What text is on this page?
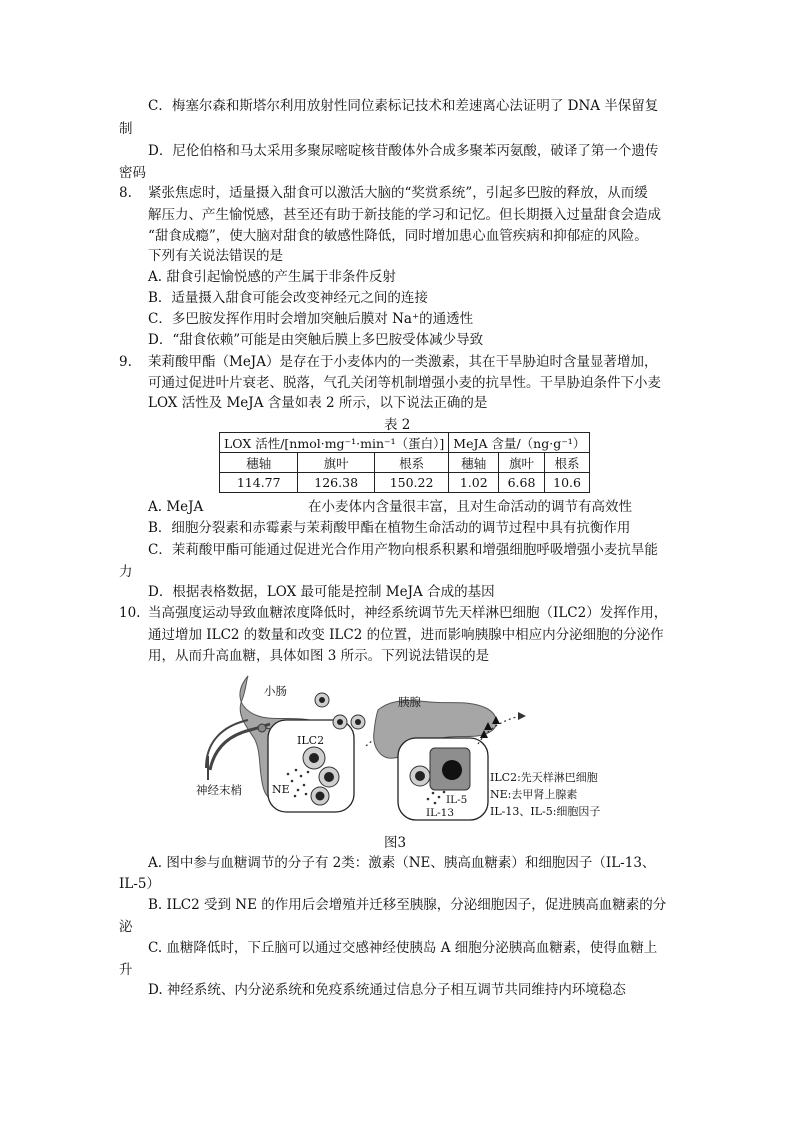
C．梅塞尔森和斯塔尔利用放射性同位素标记技术和差速离心法证明了 DNA 半保留复
制
D．尼伦伯格和马太采用多聚尿嘧啶核苷酸体外合成多聚苯丙氨酸，破译了第一个遗传
密码
8. 紧张焦虑时，适量摄入甜食可以激活大脑的“奖赏系统”，引起多巴胺的释放，从而缓
解压力、产生愉悦感，甚至还有助于新技能的学习和记忆。但长期摄入过量甜食会造成
“甜食成瘾”，使大脑对甜食的敏感性降低，同时增加患心血管疾病和抑郁症的风险。
下列有关说法错误的是
A. 甜食引起愉悦感的产生属于非条件反射
B．适量摄入甜食可能会改变神经元之间的连接
C．多巴胺发挥作用时会增加突触后膜对 Na⁺的通透性
D．“甜食依赖”可能是由突触后膜上多巴胺受体减少导致
9. 茉莉酸甲酯（MeJA）是存在于小麦体内的一类激素，其在干旱胁迫时含量显著增加，
可通过促进叶片衰老、脱落，气孔关闭等机制增强小麦的抗旱性。干旱胁迫条件下小麦
LOX 活性及 MeJA 含量如表 2 所示，以下说法正确的是
表 2
LOX 活性/[nmol·mg⁻¹·min⁻¹（蛋白）]			MeJA 含量/（ng·g⁻¹）		
穗轴	旗叶	根系	穗轴	旗叶	根系
114.77	126.38	150.22	1.02	6.68	10.6
A. MeJA	在小麦体内含量很丰富，且对生命活动的调节有高效性
B．细胞分裂素和赤霉素与茉莉酸甲酯在植物生命活动的调节过程中具有抗衡作用
C．茉莉酸甲酯可能通过促进光合作用产物向根系积累和增强细胞呼吸增强小麦抗旱能
力
D．根据表格数据，LOX 最可能是控制 MeJA 合成的基因
10. 当高强度运动导致血糖浓度降低时，神经系统调节先天样淋巴细胞（ILC2）发挥作用，
通过增加 ILC2 的数量和改变 ILC2 的位置，进而影响胰腺中相应内分泌细胞的分泌作
用，从而升高血糖，具体如图 3 所示。下列说法错误的是
小肠
胰腺
神经末梢
ILC2
NE
IL-5
IL-13
ILC2:先天样淋巴细胞
NE:去甲肾上腺素
IL-13、IL-5:细胞因子
图3
A. 图中参与血糖调节的分子有 2类：激素（NE、胰高血糖素）和细胞因子（IL-13、
IL-5）
B. ILC2 受到 NE 的作用后会增殖并迁移至胰腺，分泌细胞因子，促进胰高血糖素的分
泌
C. 血糖降低时，下丘脑可以通过交感神经使胰岛 A 细胞分泌胰高血糖素，使得血糖上
升
D. 神经系统、内分泌系统和免疫系统通过信息分子相互调节共同维持内环境稳态
